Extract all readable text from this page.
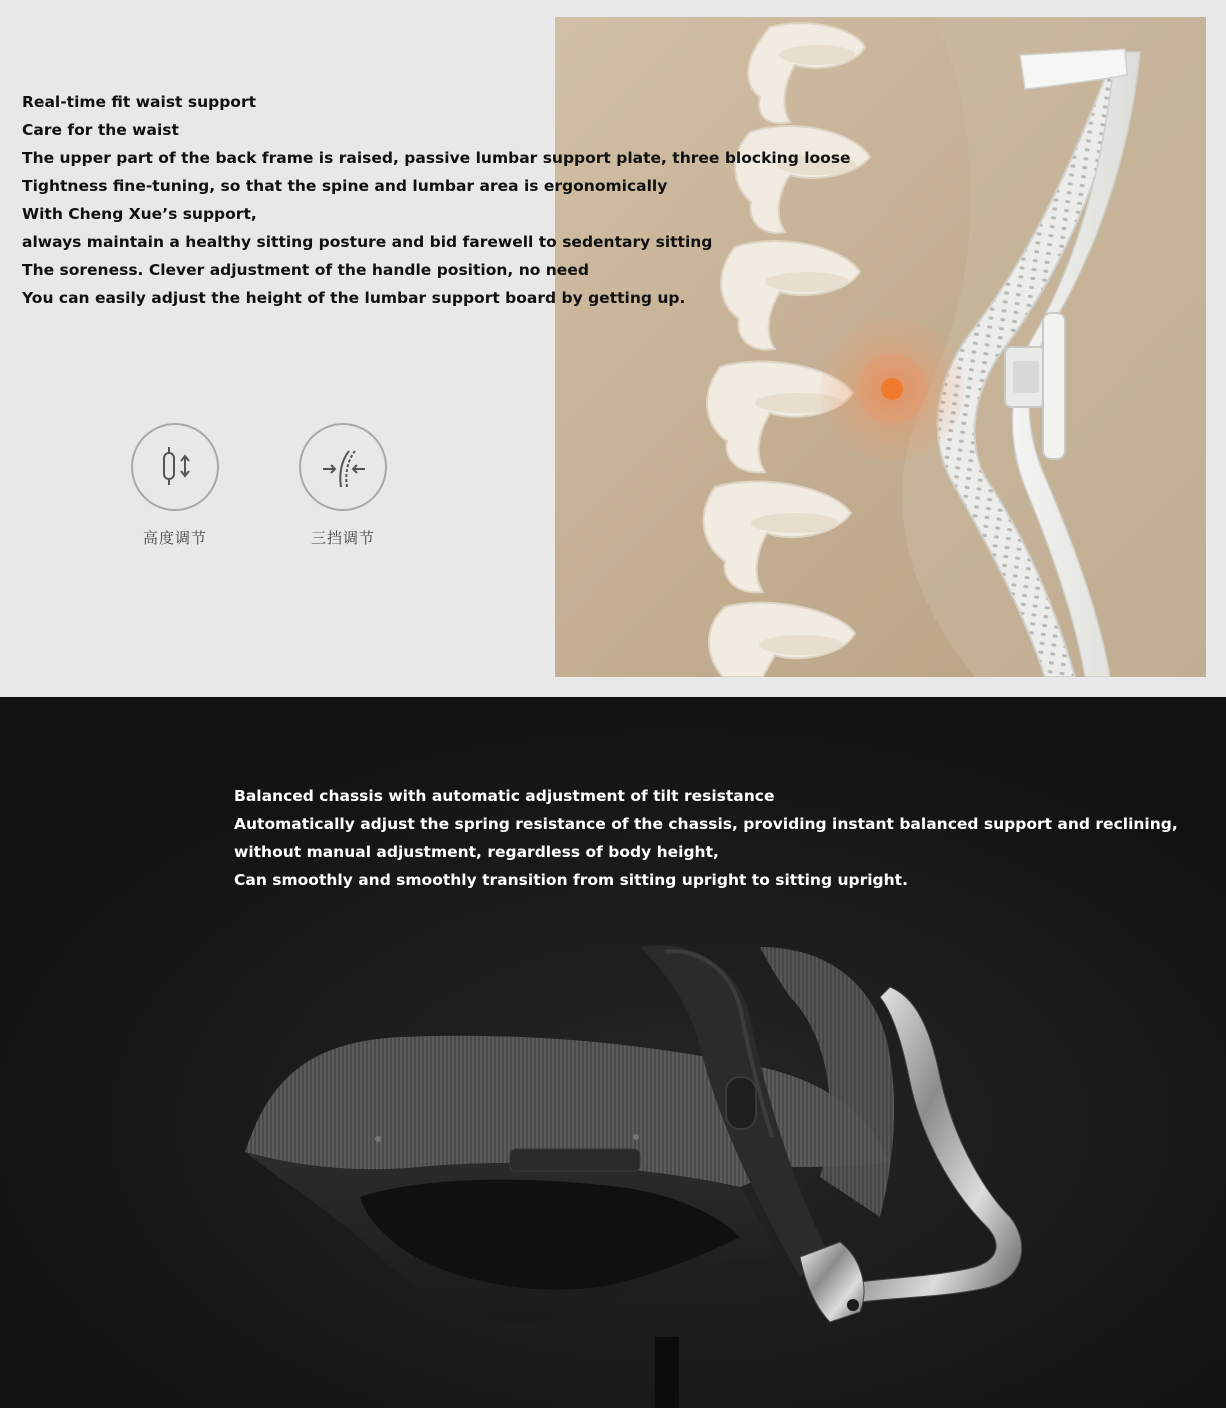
Real-time fit waist support
Care for the waist
The upper part of the back frame is raised, passive lumbar support plate, three blocking loose
Tightness fine-tuning, so that the spine and lumbar area is ergonomically
With Cheng Xue’s support,
always maintain a healthy sitting posture and bid farewell to sedentary sitting
The soreness. Clever adjustment of the handle position, no need
You can easily adjust the height of the lumbar support board by getting up.
高度调节	三挡调节
Balanced chassis with automatic adjustment of tilt resistance
Automatically adjust the spring resistance of the chassis, providing instant balanced support and reclining,
without manual adjustment, regardless of body height,
Can smoothly and smoothly transition from sitting upright to sitting upright.
